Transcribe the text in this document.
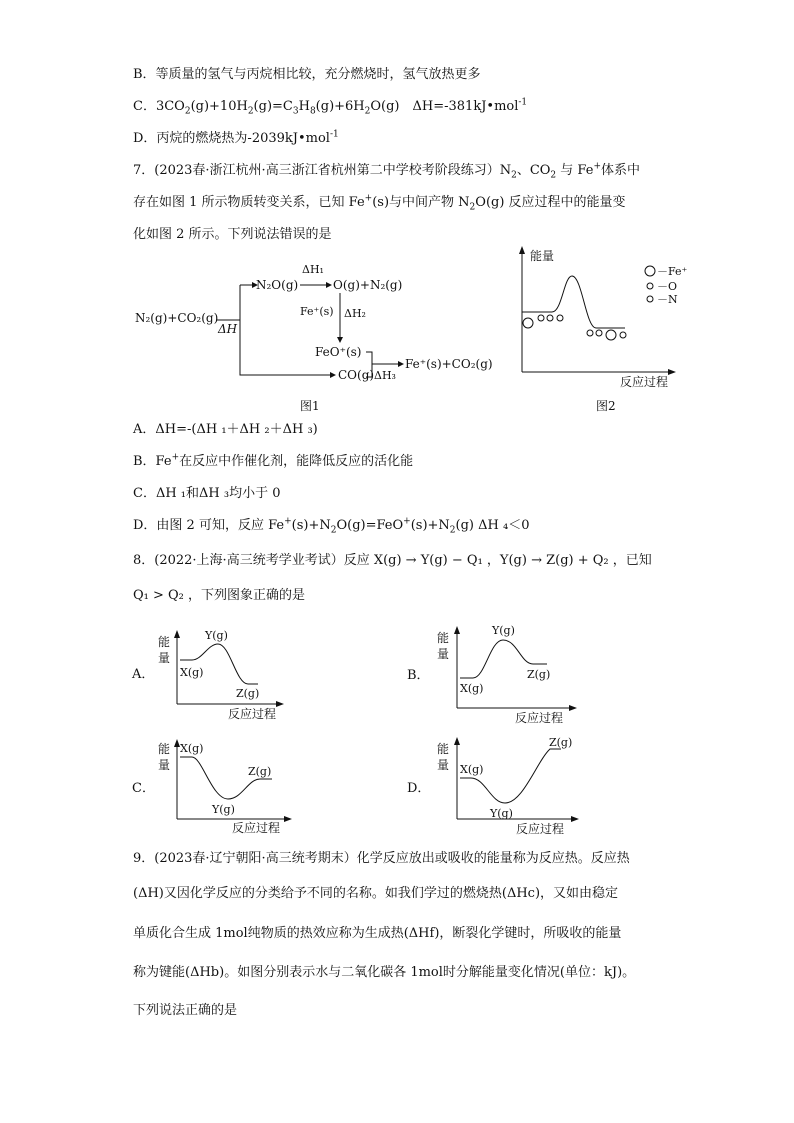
B．等质量的氢气与丙烷相比较，充分燃烧时，氢气放热更多
C．$3CO_2(g)+10H_2(g)=C_3H_8(g)+6H_2O(g)$　ΔH=-381kJ•mol$^{-1}$
D．丙烷的燃烧热为-2039kJ•mol$^{-1}$
7．(2023春·浙江杭州·高三浙江省杭州第二中学校考阶段练习）$N_2$、$CO_2$ 与 Fe+体系中
存在如图 1 所示物质转变关系，已知 Fe+(s)与中间产物 $N_2O(g)$ 反应过程中的能量变
化如图 2 所示。下列说法错误的是
N₂(g)+CO₂(g)
ΔH
N₂O(g)
ΔH₁
O(g)+N₂(g)
Fe⁺(s) ΔH₂
FeO⁺(s)
CO(g) ΔH₃
Fe⁺(s)+CO₂(g)
图1
能量
反应过程
－Fe⁺
－O
－N
图2
A．ΔH=-(ΔH ₁＋ΔH ₂＋ΔH ₃)
B．Fe+在反应中作催化剂，能降低反应的活化能
C．ΔH ₁和ΔH ₃均小于 0
D．由图 2 可知，反应 $Fe^+(s)+N_2O(g)=FeO^+(s)+N_2(g)$ ΔH ₄＜0
8．(2022·上海·高三统考学业考试）反应 X(g) → Y(g) − Q₁ ，Y(g) → Z(g) + Q₂ ，已知
Q₁ > Q₂ ，下列图象正确的是
A．
能
量
X(g)
Y(g)
Z(g)
反应过程
B．
能
量
X(g)
Y(g)
Z(g)
反应过程
C．
能
量
X(g)
Y(g)
Z(g)
反应过程
D．
能
量 X(g)
Y(g)
Z(g)
反应过程
9．(2023春·辽宁朝阳·高三统考期末）化学反应放出或吸收的能量称为反应热。反应热
(ΔH)又因化学反应的分类给予不同的名称。如我们学过的燃烧热(ΔHc)，又如由稳定
单质化合生成 1mol纯物质的热效应称为生成热(ΔHf)，断裂化学键时，所吸收的能量
称为键能(ΔHb)。如图分别表示水与二氧化碳各 1mol时分解能量变化情况(单位：kJ)。
下列说法正确的是
